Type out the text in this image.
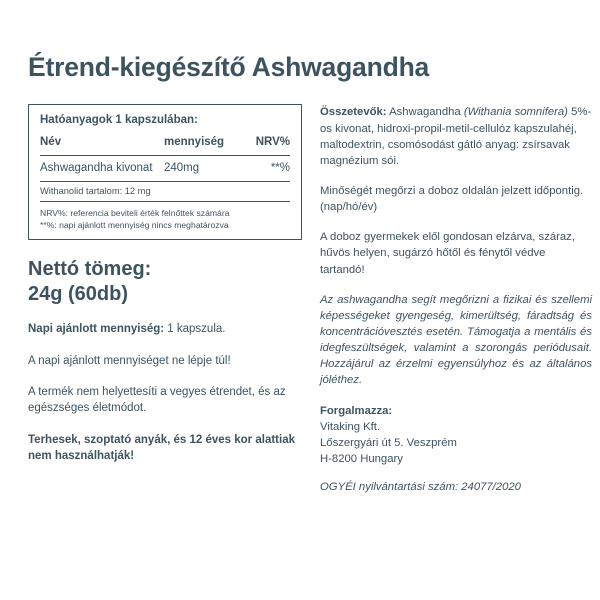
Étrend-kiegészítő Ashwagandha
Hatóanyagok 1 kapszulában:
Név	mennyiség	NRV%
Ashwagandha kivonat 240mg	**%
Withanolid tartalom: 12 mg
NRV%: referencia beviteli érték felnőttek számára
**%: napi ajánlott mennyiség nincs meghatározva
Nettó tömeg:
24g (60db)
Napi ajánlott mennyiség: 1 kapszula.
A napi ajánlott mennyiséget ne lépje túl!
A termék nem helyettesíti a vegyes étrendet, és az egészséges életmódot.
Terhesek, szoptató anyák, és 12 éves kor alattiak nem használhatják!

Összetevők: Ashwagandha (Withania somnifera) 5%-os kivonat, hidroxi-propil-metil-cellulóz kapszulahéj, maltodextrin, csomósodást gátló anyag: zsírsavak magnézium sói.

Minőségét megőrzi a doboz oldalán jelzett időpontig. (nap/hó/év)

A doboz gyermekek elől gondosan elzárva, száraz, hűvös helyen, sugárzó hőtől és fénytől védve tartandó!

Az ashwagandha segít megőrizni a fizikai és szellemi képességeket gyengeség, kimerültség, fáradtság és koncentrációvesztés esetén. Támogatja a mentális és idegfeszültségek, valamint a szorongás periódusait. Hozzájárul az érzelmi egyensúlyhoz és az általános jóléthez.

Forgalmazza:
Vitaking Kft.
Lőszergyári út 5. Veszprém
H-8200 Hungary
OGYÉI nyilvántartási szám: 24077/2020
